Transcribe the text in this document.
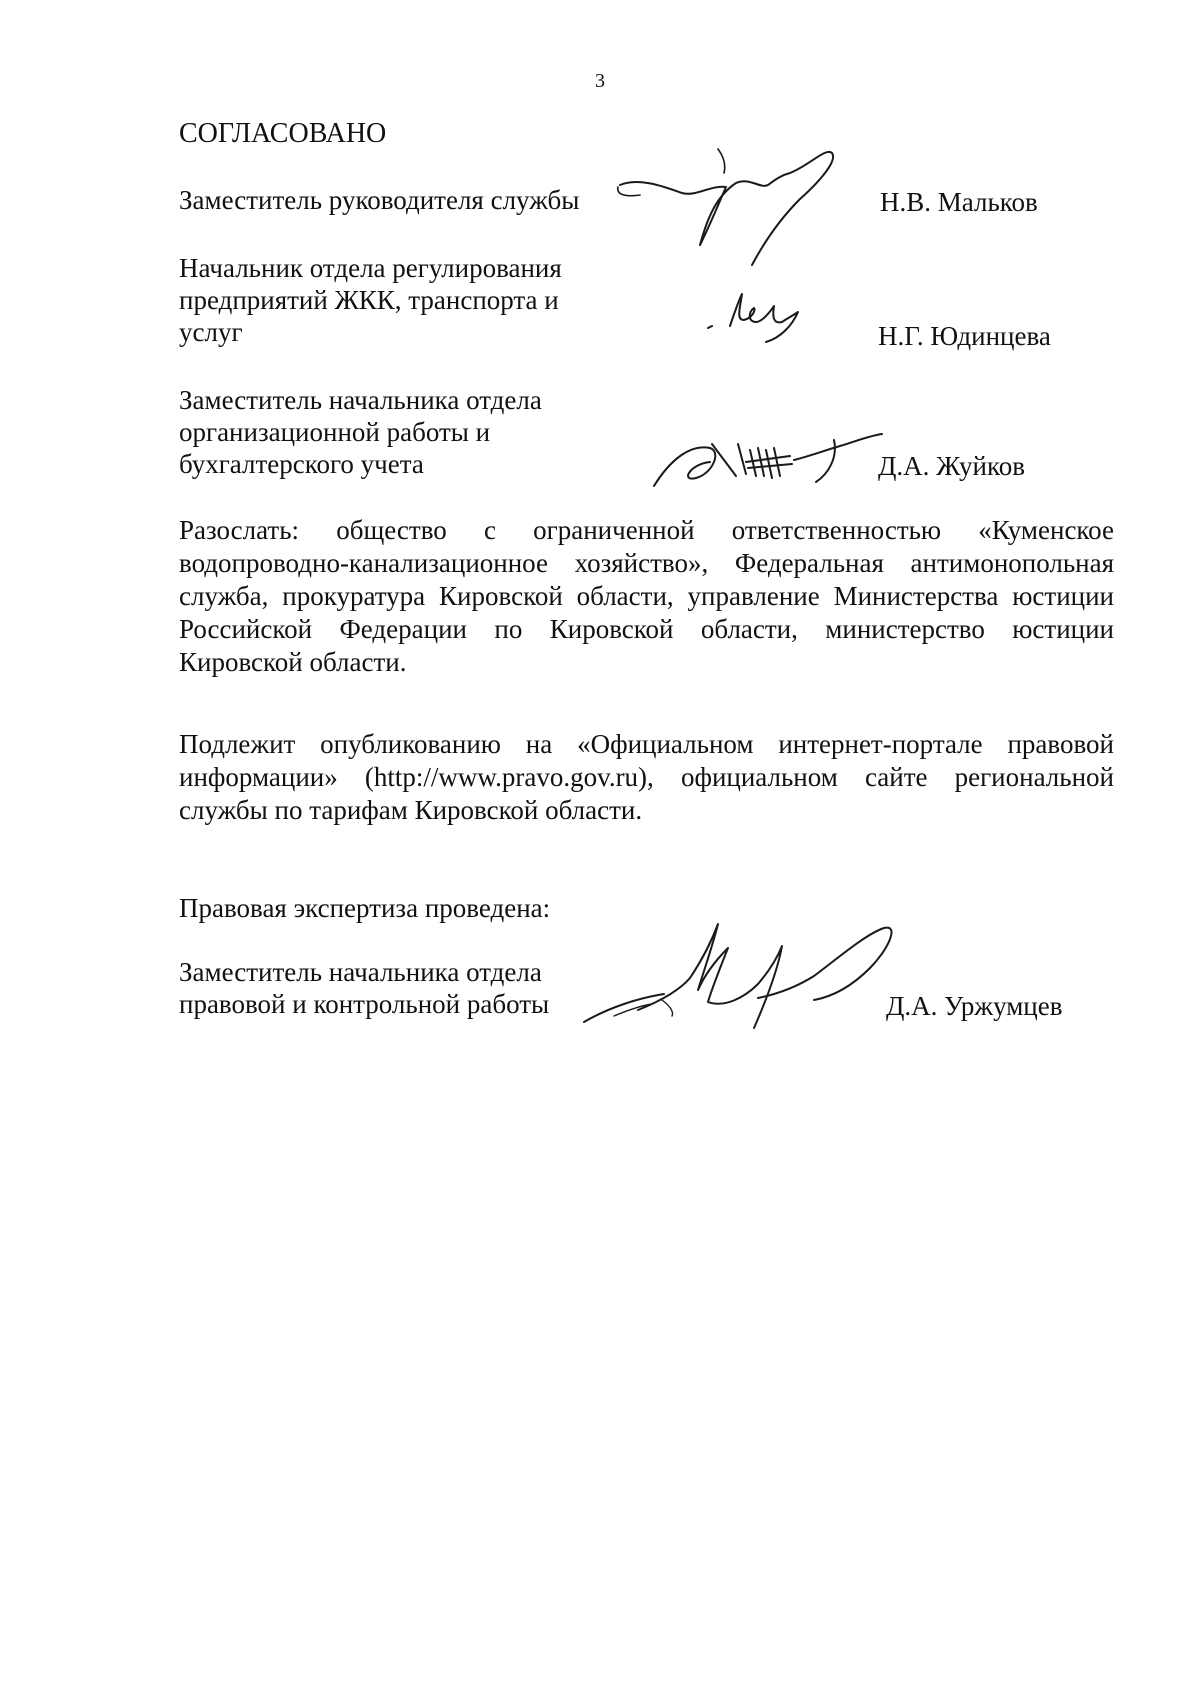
3
СОГЛАСОВАНО
Заместитель руководителя службы	Н.В. Мальков
Начальник отдела регулирования
предприятий ЖКК, транспорта и
услуг	Н.Г. Юдинцева
Заместитель начальника отдела
организационной работы и
бухгалтерского учета	Д.А. Жуйков
Разослать: общество с ограниченной ответственностью «Куменское водопроводно-канализационное хозяйство», Федеральная антимонопольная служба, прокуратура Кировской области, управление Министерства юстиции Российской Федерации по Кировской области, министерство юстиции Кировской области.
Подлежит опубликованию на «Официальном интернет-портале правовой информации» (http://www.pravo.gov.ru), официальном сайте региональной службы по тарифам Кировской области.
Правовая экспертиза проведена:
Заместитель начальника отдела
правовой и контрольной работы	Д.А. Уржумцев
